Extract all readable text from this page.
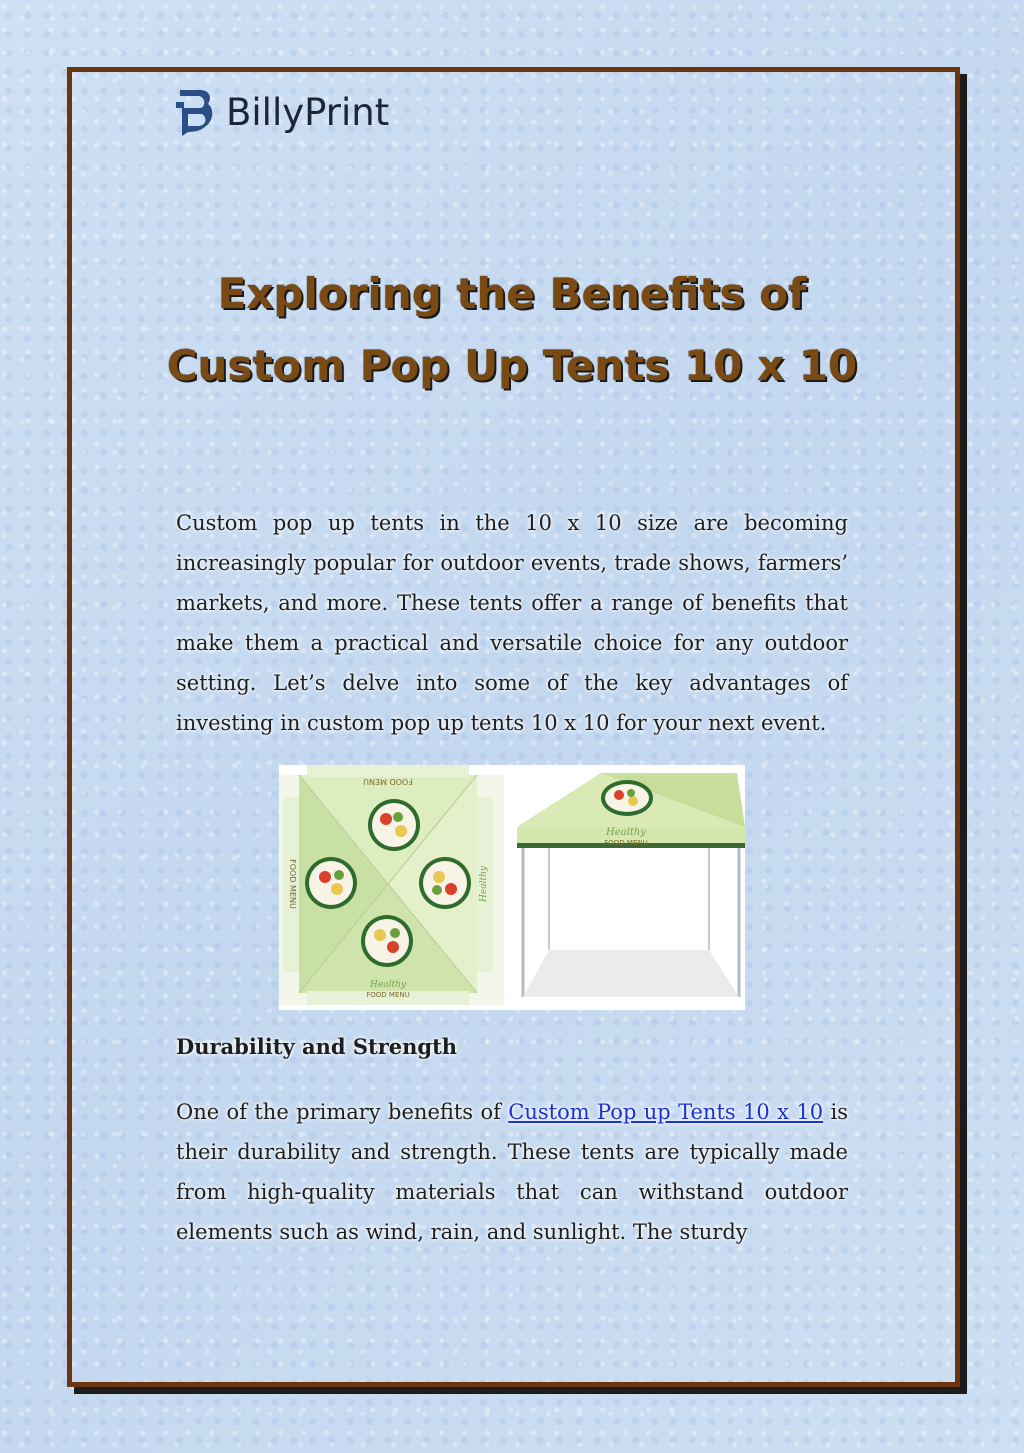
BillyPrint
Exploring the Benefits of
Custom Pop Up Tents 10 x 10

Custom pop up tents in the 10 x 10 size are becoming increasingly popular for outdoor events, trade shows, farmers’ markets, and more. These tents offer a range of benefits that make them a practical and versatile choice for any outdoor setting. Let’s delve into some of the key advantages of investing in custom pop up tents 10 x 10 for your next event.

FOOD MENU
FOOD MENU	Healthy
Healthy
FOOD MENU
Healthy
FOOD MENU
Durability and Strength

One of the primary benefits of Custom Pop up Tents 10 x 10 is their durability and strength. These tents are typically made from high-quality materials that can withstand outdoor elements such as wind, rain, and sunlight. The sturdy
